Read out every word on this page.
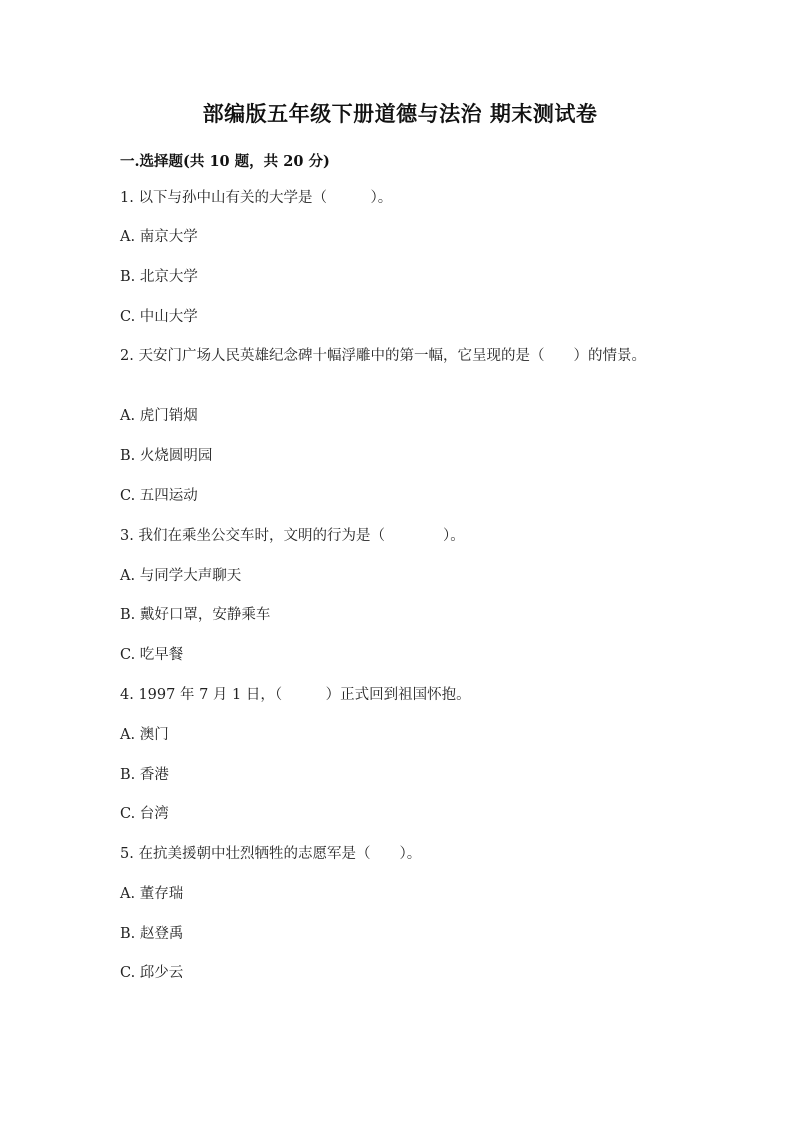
部编版五年级下册道德与法治 期末测试卷
一.选择题(共 10 题，共 20 分)
1. 以下与孙中山有关的大学是（　　　）。
A. 南京大学
B. 北京大学
C. 中山大学
2. 天安门广场人民英雄纪念碑十幅浮雕中的第一幅，它呈现的是（　　）的情景。
A. 虎门销烟
B. 火烧圆明园
C. 五四运动
3. 我们在乘坐公交车时，文明的行为是（　　　　）。
A. 与同学大声聊天
B. 戴好口罩，安静乘车
C. 吃早餐
4. 1997 年 7 月 1 日，（　　　）正式回到祖国怀抱。
A. 澳门
B. 香港
C. 台湾
5. 在抗美援朝中壮烈牺牲的志愿军是（　　）。
A. 董存瑞
B. 赵登禹
C. 邱少云
